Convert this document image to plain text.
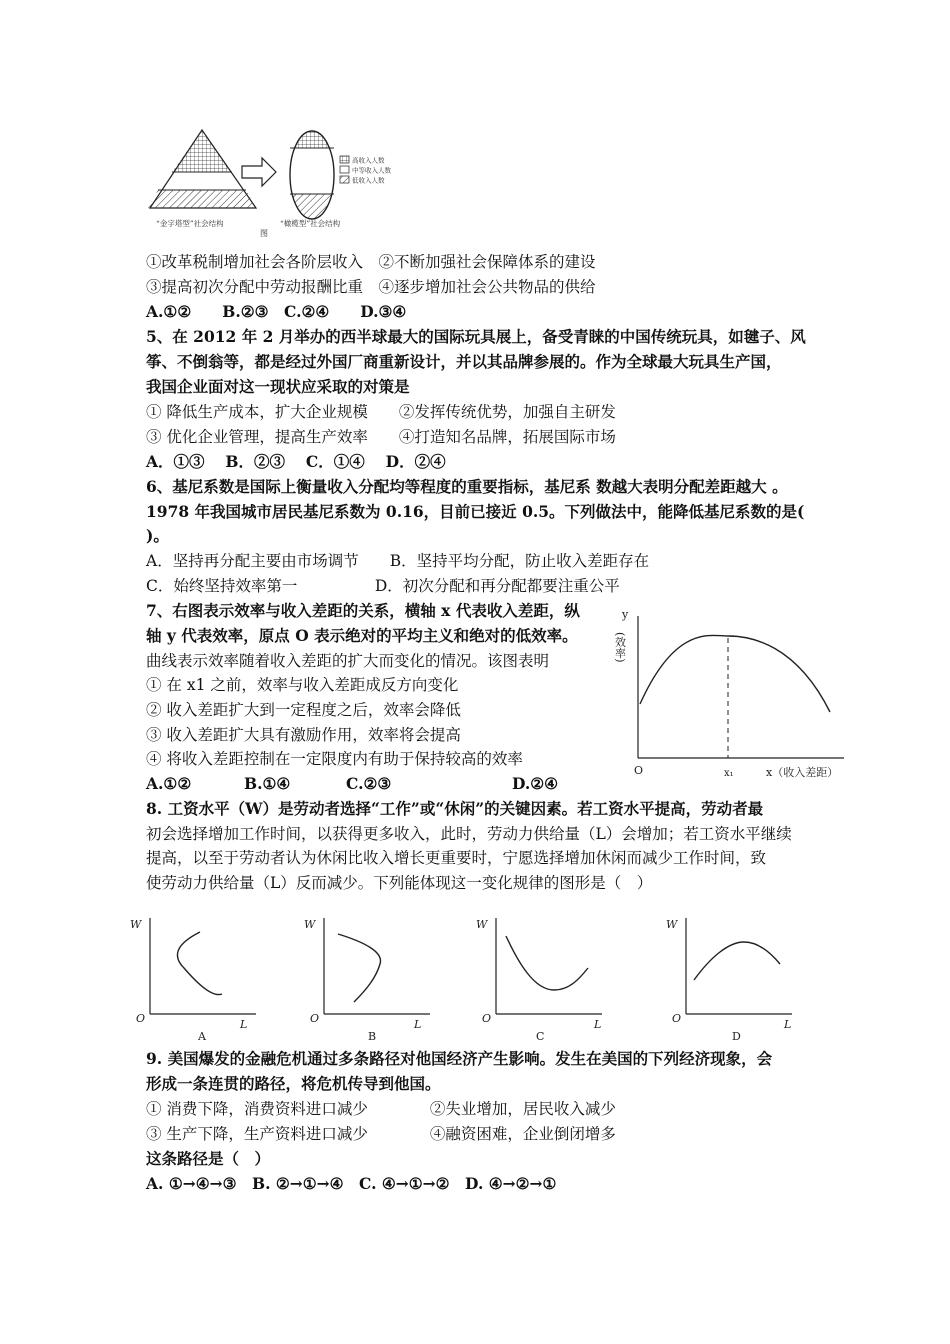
高收入人数
中等收入人数
低收入人数
“金字塔型”社会结构	“橄榄型”社会结构
图
①改革税制增加社会各阶层收入　②不断加强社会保障体系的建设
③提高初次分配中劳动报酬比重　④逐步增加社会公共物品的供给
A.①②　　B.②③　C.②④　　D.③④
5、在 2012 年 2 月举办的西半球最大的国际玩具展上，备受青睐的中国传统玩具，如毽子、风
筝、不倒翁等，都是经过外国厂商重新设计，并以其品牌参展的。作为全球最大玩具生产国，
我国企业面对这一现状应采取的对策是
① 降低生产成本，扩大企业规模　　②发挥传统优势，加强自主研发
③ 优化企业管理，提高生产效率　　④打造知名品牌，拓展国际市场
A．①③　 B．②③　 C．①④　 D．②④
6、基尼系数是国际上衡量收入分配均等程度的重要指标，基尼系 数越大表明分配差距越大 。
1978 年我国城市居民基尼系数为 0.16，目前已接近 0.5。下列做法中，能降低基尼系数的是(
)。
A．坚持再分配主要由市场调节　　B．坚持平均分配，防止收入差距存在
C．始终坚持效率第一　　　　　D．初次分配和再分配都要注重公平
7、右图表示效率与收入差距的关系，横轴 x 代表收入差距，纵
轴 y 代表效率，原点 O 表示绝对的平均主义和绝对的低效率。
曲线表示效率随着收入差距的扩大而变化的情况。该图表明
① 在 x1 之前，效率与收入差距成反方向变化
② 收入差距扩大到一定程度之后，效率会降低
③ 收入差距扩大具有激励作用，效率将会提高
④ 将收入差距控制在一定限度内有助于保持较高的效率
A.①②	B.①④	C.②③	D.②④
y
(效率)
O	x₁	x（收入差距）
8. 工资水平（W）是劳动者选择“工作”或“休闲”的关键因素。若工资水平提高，劳动者最
初会选择增加工作时间，以获得更多收入，此时，劳动力供给量（L）会增加；若工资水平继续
提高，以至于劳动者认为休闲比收入增长更重要时，宁愿选择增加休闲而减少工作时间，致
使劳动力供给量（L）反而减少。下列能体现这一变化规律的图形是（　）
W
O	L
A
W
O	L
B
W
O	L
C
W
O	L
D
9. 美国爆发的金融危机通过多条路径对他国经济产生影响。发生在美国的下列经济现象，会
形成一条连贯的路径，将危机传导到他国。
① 消费下降，消费资料进口减少　　　　②失业增加，居民收入减少
③ 生产下降，生产资料进口减少　　　　④融资困难，企业倒闭增多
这条路径是（　）
A. ①→④→③　B. ②→①→④　C. ④→①→②　D. ④→②→①
